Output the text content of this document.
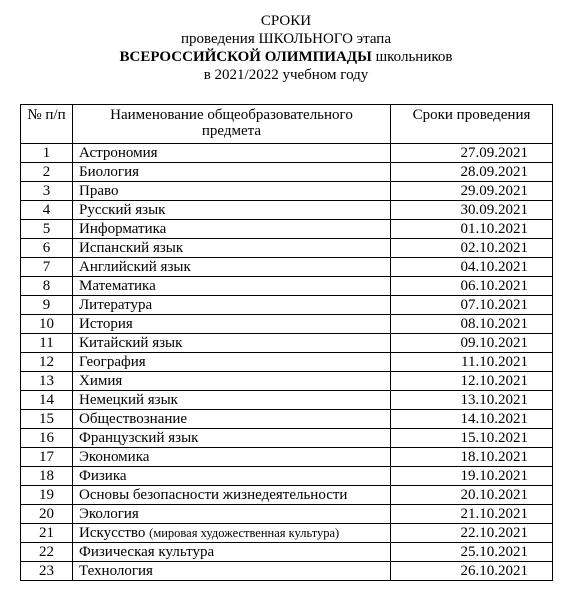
СРОКИ
проведения ШКОЛЬНОГО этапа
ВСЕРОССИЙСКОЙ ОЛИМПИАДЫ школьников
в 2021/2022 учебном году
№ п/п	Наименование общеобразовательного предмета	Сроки проведения
1	Астрономия	27.09.2021
2	Биология	28.09.2021
3	Право	29.09.2021
4	Русский язык	30.09.2021
5	Информатика	01.10.2021
6	Испанский язык	02.10.2021
7	Английский язык	04.10.2021
8	Математика	06.10.2021
9	Литература	07.10.2021
10	История	08.10.2021
11	Китайский язык	09.10.2021
12	География	11.10.2021
13	Химия	12.10.2021
14	Немецкий язык	13.10.2021
15	Обществознание	14.10.2021
16	Французский язык	15.10.2021
17	Экономика	18.10.2021
18	Физика	19.10.2021
19	Основы безопасности жизнедеятельности	20.10.2021
20	Экология	21.10.2021
21	Искусство (мировая художественная культура)	22.10.2021
22	Физическая культура	25.10.2021
23	Технология	26.10.2021
